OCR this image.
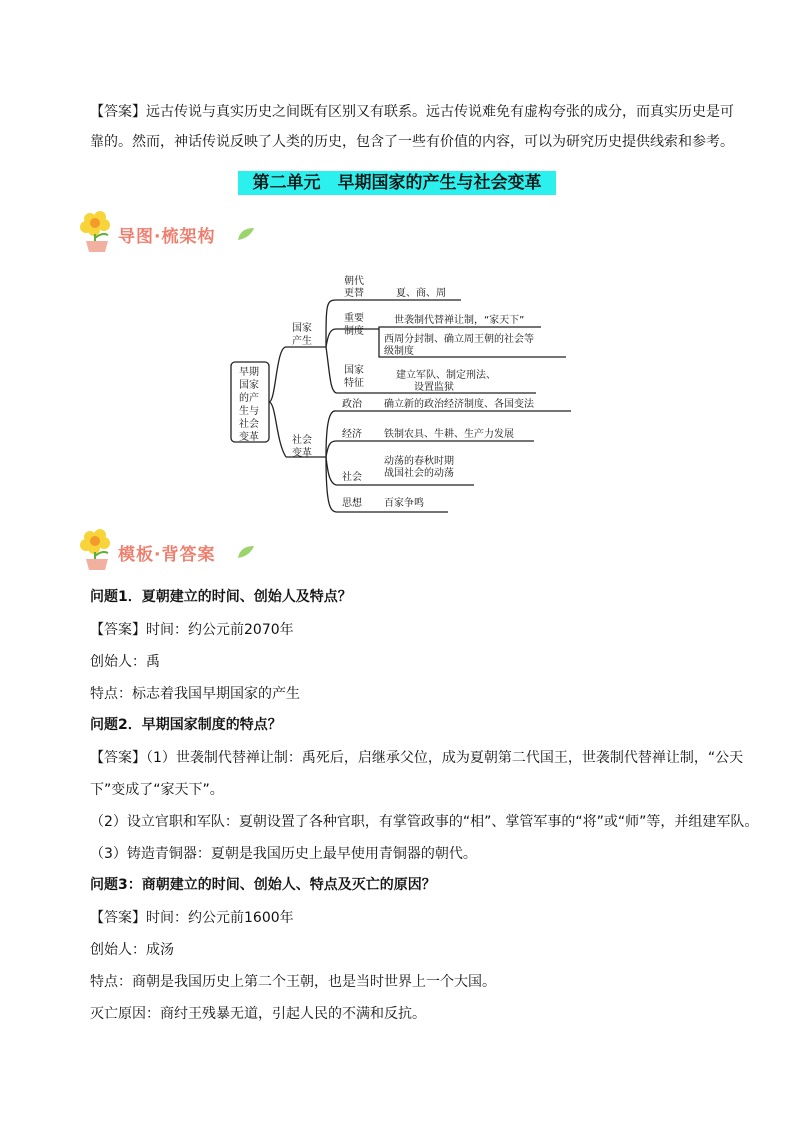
【答案】远古传说与真实历史之间既有区别又有联系。远古传说难免有虚构夸张的成分，而真实历史是可
靠的。然而，神话传说反映了人类的历史，包含了一些有价值的内容，可以为研究历史提供线索和参考。
第二单元　早期国家的产生与社会变革
导图·梳架构
早期
国家
的产
生与
社会
变革
国家
产生
社会
变革
朝代
更替	夏、商、周
重要
制度
世袭制代替禅让制，“家天下”
西周分封制、确立周王朝的社会等
级制度
国家
特征
建立军队、制定刑法、
设置监狱
政治 确立新的政治经济制度、各国变法
经济 铁制农具、牛耕、生产力发展
动荡的春秋时期
战国社会的动荡
社会
思想 百家争鸣
模板·背答案
问题1．夏朝建立的时间、创始人及特点？
【答案】时间：约公元前2070年
创始人：禹
特点：标志着我国早期国家的产生
问题2．早期国家制度的特点？
【答案】（1）世袭制代替禅让制：禹死后，启继承父位，成为夏朝第二代国王，世袭制代替禅让制，“公天
下”变成了“家天下”。
（2）设立官职和军队：夏朝设置了各种官职，有掌管政事的“相”、掌管军事的“将”或“师”等，并组建军队。
（3）铸造青铜器：夏朝是我国历史上最早使用青铜器的朝代。
问题3：商朝建立的时间、创始人、特点及灭亡的原因？
【答案】时间：约公元前1600年
创始人：成汤
特点：商朝是我国历史上第二个王朝，也是当时世界上一个大国。
灭亡原因：商纣王残暴无道，引起人民的不满和反抗。
